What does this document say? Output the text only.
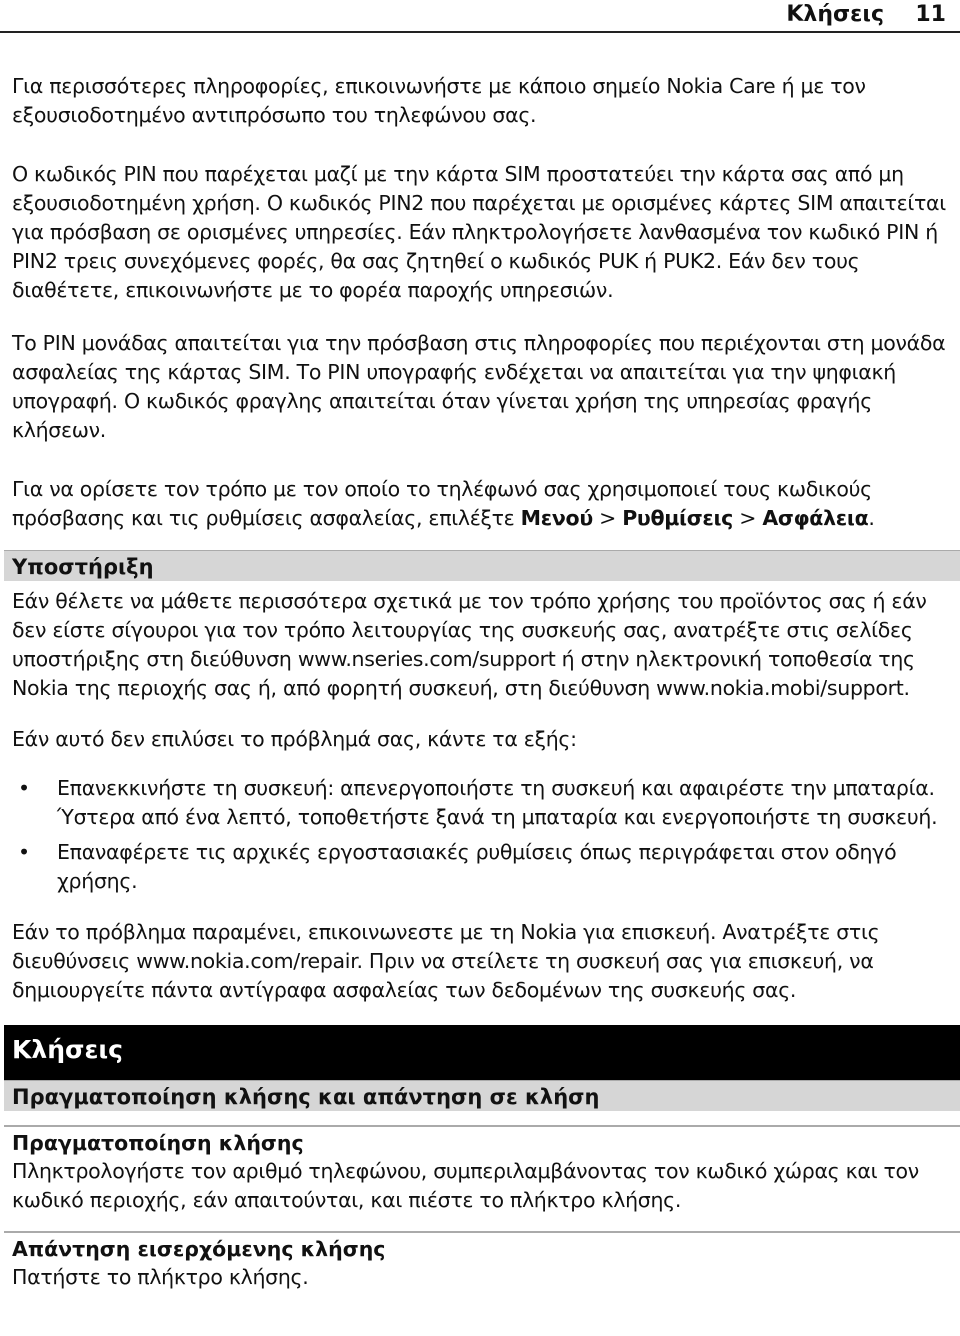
Κλήσεις 11

Για περισσότερες πληροφορίες, επικοινωνήστε με κάποιο σημείο Nokia Care ή με τον εξουσιοδοτημένο αντιπρόσωπο του τηλεφώνου σας.

Ο κωδικός PIN που παρέχεται μαζί με την κάρτα SIM προστατεύει την κάρτα σας από μη εξουσιοδοτημένη χρήση. Ο κωδικός PIN2 που παρέχεται με ορισμένες κάρτες SIM απαιτείται για πρόσβαση σε ορισμένες υπηρεσίες. Εάν πληκτρολογήσετε λανθασμένα τον κωδικό PIN ή PIN2 τρεις συνεχόμενες φορές, θα σας ζητηθεί ο κωδικός PUK ή PUK2. Εάν δεν τους διαθέτετε, επικοινωνήστε με το φορέα παροχής υπηρεσιών.

Το PIN μονάδας απαιτείται για την πρόσβαση στις πληροφορίες που περιέχονται στη μονάδα ασφαλείας της κάρτας SIM. Το PIN υπογραφής ενδέχεται να απαιτείται για την ψηφιακή υπογραφή. Ο κωδικός φραγλης απαιτείται όταν γίνεται χρήση της υπηρεσίας φραγής κλήσεων.

Για να ορίσετε τον τρόπο με τον οποίο το τηλέφωνό σας χρησιμοποιεί τους κωδικούς πρόσβασης και τις ρυθμίσεις ασφαλείας, επιλέξτε Μενού > Ρυθμίσεις > Ασφάλεια.

Υποστήριξη

Εάν θέλετε να μάθετε περισσότερα σχετικά με τον τρόπο χρήσης του προϊόντος σας ή εάν δεν είστε σίγουροι για τον τρόπο λειτουργίας της συσκευής σας, ανατρέξτε στις σελίδες υποστήριξης στη διεύθυνση www.nseries.com/support ή στην ηλεκτρονική τοποθεσία της Nokia της περιοχής σας ή, από φορητή συσκευή, στη διεύθυνση www.nokia.mobi/support.

Εάν αυτό δεν επιλύσει το πρόβλημά σας, κάντε τα εξής:

• Επανεκκινήστε τη συσκευή: απενεργοποιήστε τη συσκευή και αφαιρέστε την μπαταρία. Ύστερα από ένα λεπτό, τοποθετήστε ξανά τη μπαταρία και ενεργοποιήστε τη συσκευή.
• Επαναφέρετε τις αρχικές εργοστασιακές ρυθμίσεις όπως περιγράφεται στον οδηγό χρήσης.

Εάν το πρόβλημα παραμένει, επικοινωνεστε με τη Nokia για επισκευή. Ανατρέξτε στις διευθύνσεις www.nokia.com/repair. Πριν να στείλετε τη συσκευή σας για επισκευή, να δημιουργείτε πάντα αντίγραφα ασφαλείας των δεδομένων της συσκευής σας.

Κλήσεις
Πραγματοποίηση κλήσης και απάντηση σε κλήση
Πραγματοποίηση κλήσης

Πληκτρολογήστε τον αριθμό τηλεφώνου, συμπεριλαμβάνοντας τον κωδικό χώρας και τον κωδικό περιοχής, εάν απαιτούνται, και πιέστε το πλήκτρο κλήσης.

Απάντηση εισερχόμενης κλήσης

Πατήστε το πλήκτρο κλήσης.
